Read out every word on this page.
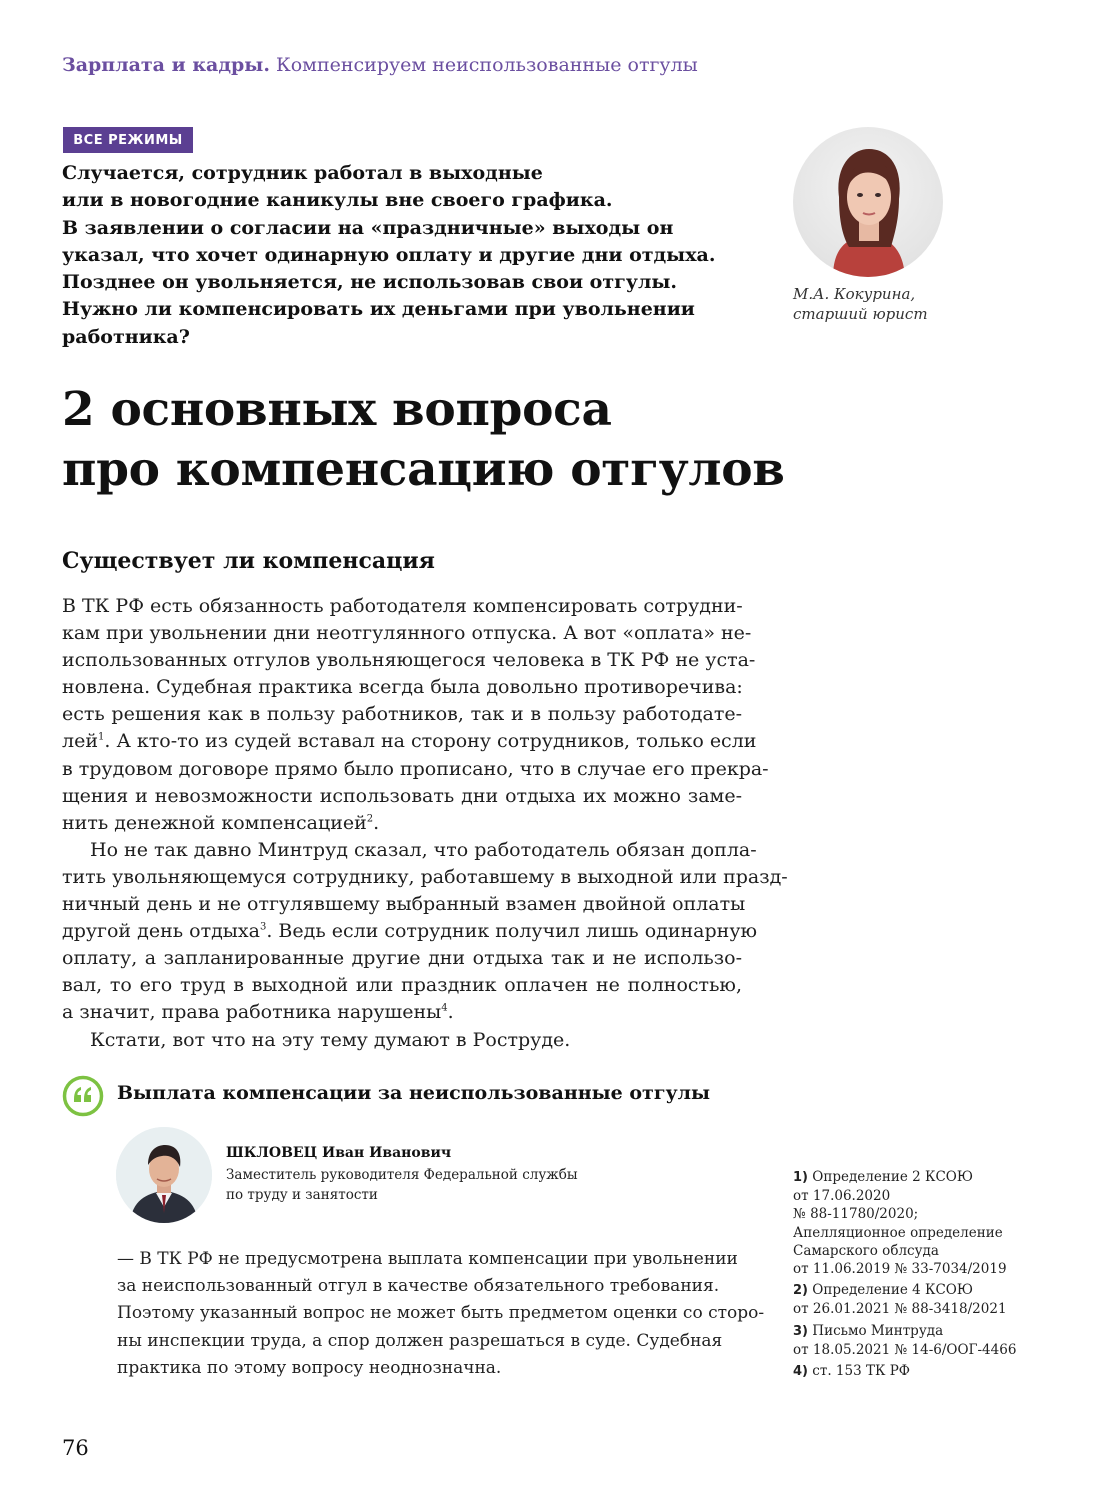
Зарплата и кадры. Компенсируем неиспользованные отгулы
ВСЕ РЕЖИМЫ
Случается, сотрудник работал в выходные
или в новогодние каникулы вне своего графика.
В заявлении о согласии на «праздничные» выходы он
указал, что хочет одинарную оплату и другие дни отдыха.
Позднее он увольняется, не использовав свои отгулы.
Нужно ли компенсировать их деньгами при увольнении
работника?
М.А. Кокурина,
старший юрист
2 основных вопроса
про компенсацию отгулов
Существует ли компенсация
В ТК РФ есть обязанность работодателя компенсировать сотрудни-
кам при увольнении дни неотгулянного отпуска. А вот «оплата» не-
использованных отгулов увольняющегося человека в ТК РФ не уста-
новлена. Судебная практика всегда была довольно противоречива:
есть решения как в пользу работников, так и в пользу работодате-
лей$^1$. А кто-то из судей вставал на сторону сотрудников, только если
в трудовом договоре прямо было прописано, что в случае его прекра-
щения и невозможности использовать дни отдыха их можно заме-
нить денежной компенсацией$^2$.
Но не так давно Минтруд сказал, что работодатель обязан допла-
тить увольняющемуся сотруднику, работавшему в выходной или празд-
ничный день и не отгулявшему выбранный взамен двойной оплаты
другой день отдыха$^3$. Ведь если сотрудник получил лишь одинарную
оплату, а запланированные другие дни отдыха так и не использо-
вал, то его труд в выходной или праздник оплачен не полностью,
а значит, права работника нарушены$^4$.
Кстати, вот что на эту тему думают в Роструде.
Выплата компенсации за неиспользованные отгулы
ШКЛОВЕЦ Иван Иванович
Заместитель руководителя Федеральной службы
по труду и занятости
— В ТК РФ не предусмотрена выплата компенсации при увольнении
за неиспользованный отгул в качестве обязательного требования.
Поэтому указанный вопрос не может быть предметом оценки со сторо-
ны инспекции труда, а спор должен разрешаться в суде. Судебная
практика по этому вопросу неоднозначна.
1) Определение 2 КСОЮ
от 17.06.2020
№ 88-11780/2020;
Апелляционное определение
Самарского облсуда
от 11.06.2019 № 33-7034/2019
2) Определение 4 КСОЮ
от 26.01.2021 № 88-3418/2021
3) Письмо Минтруда
от 18.05.2021 № 14-6/ООГ-4466
4) ст. 153 ТК РФ
76
